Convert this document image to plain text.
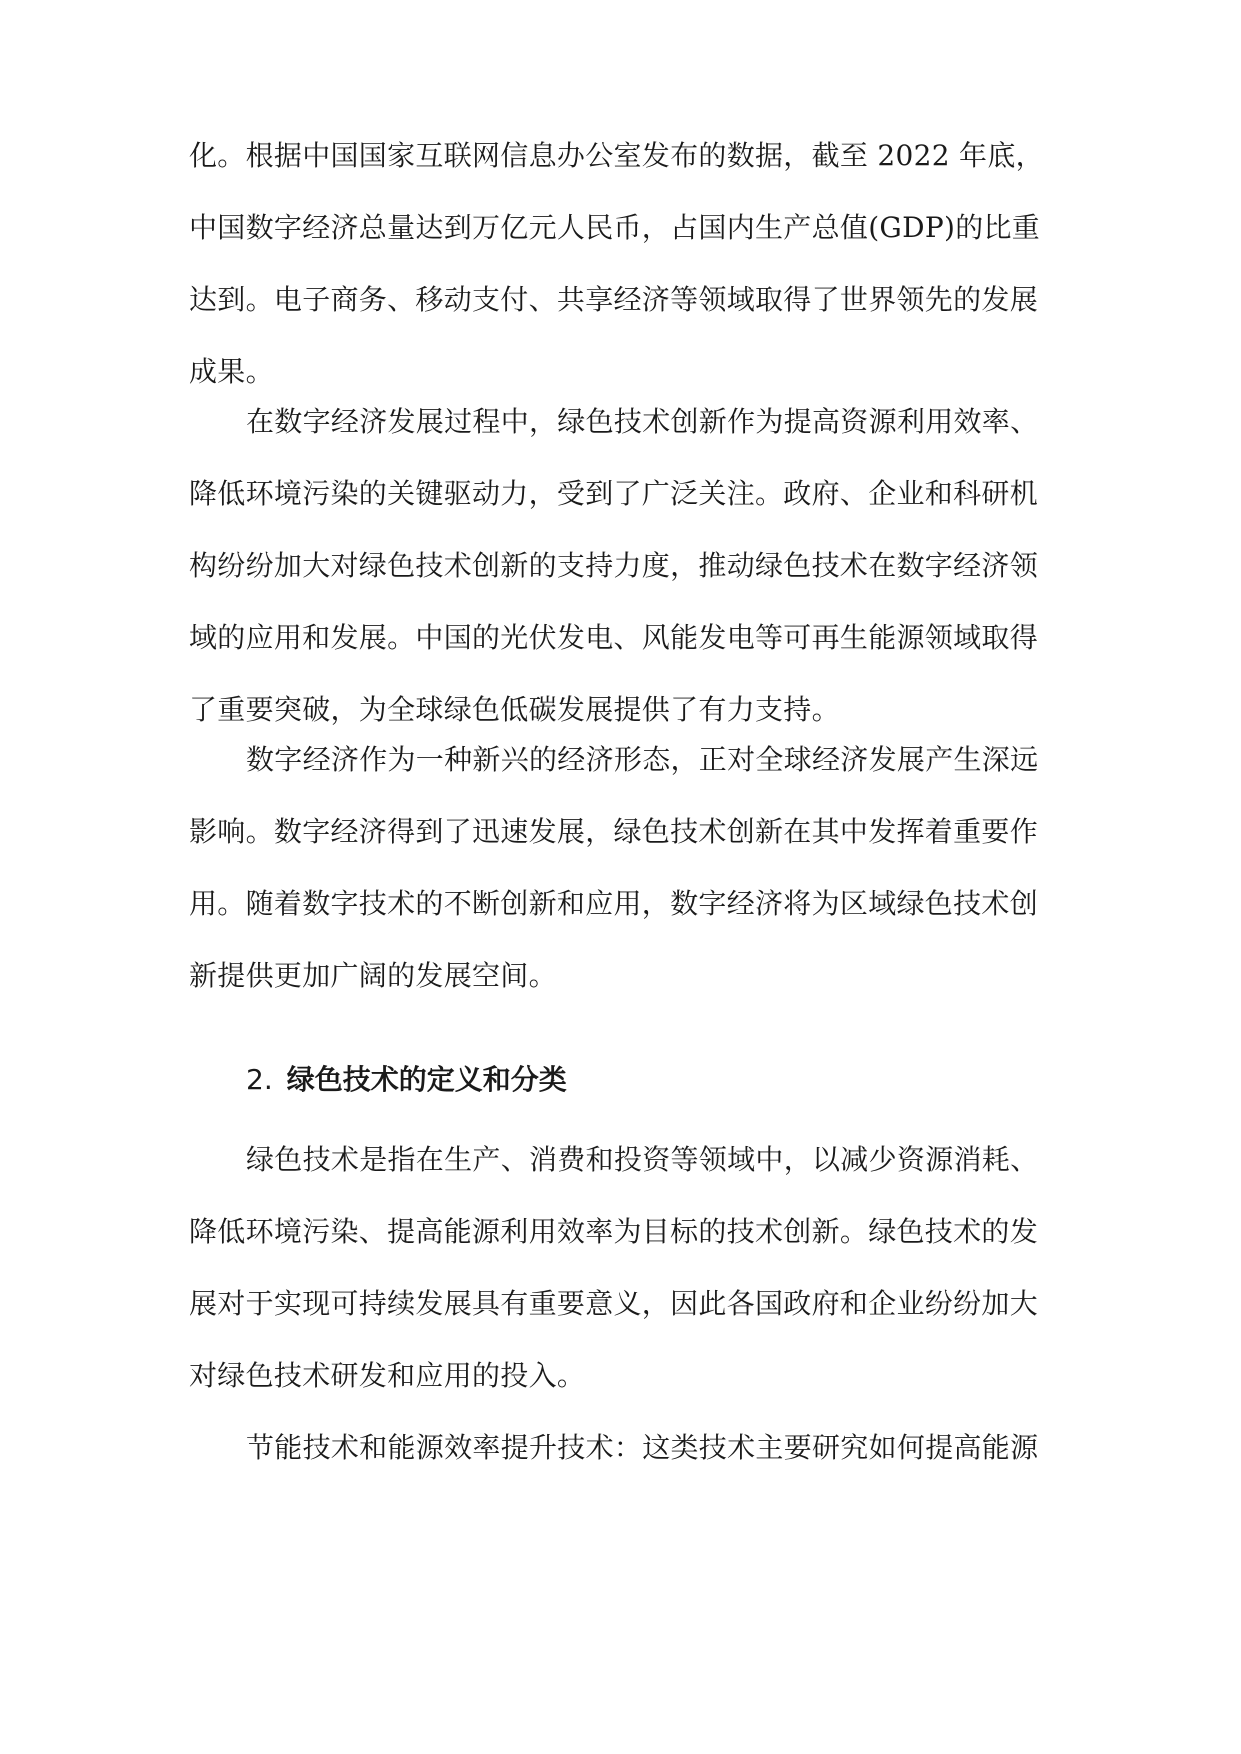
化。根据中国国家互联网信息办公室发布的数据，截至 2022 年底，
中国数字经济总量达到万亿元人民币，占国内生产总值(GDP)的比重
达到。电子商务、移动支付、共享经济等领域取得了世界领先的发展
成果。
在数字经济发展过程中，绿色技术创新作为提高资源利用效率、
降低环境污染的关键驱动力，受到了广泛关注。政府、企业和科研机
构纷纷加大对绿色技术创新的支持力度，推动绿色技术在数字经济领
域的应用和发展。中国的光伏发电、风能发电等可再生能源领域取得
了重要突破，为全球绿色低碳发展提供了有力支持。
数字经济作为一种新兴的经济形态，正对全球经济发展产生深远
影响。数字经济得到了迅速发展，绿色技术创新在其中发挥着重要作
用。随着数字技术的不断创新和应用，数字经济将为区域绿色技术创
新提供更加广阔的发展空间。
2. 绿色技术的定义和分类
绿色技术是指在生产、消费和投资等领域中，以减少资源消耗、
降低环境污染、提高能源利用效率为目标的技术创新。绿色技术的发
展对于实现可持续发展具有重要意义，因此各国政府和企业纷纷加大
对绿色技术研发和应用的投入。
节能技术和能源效率提升技术：这类技术主要研究如何提高能源
